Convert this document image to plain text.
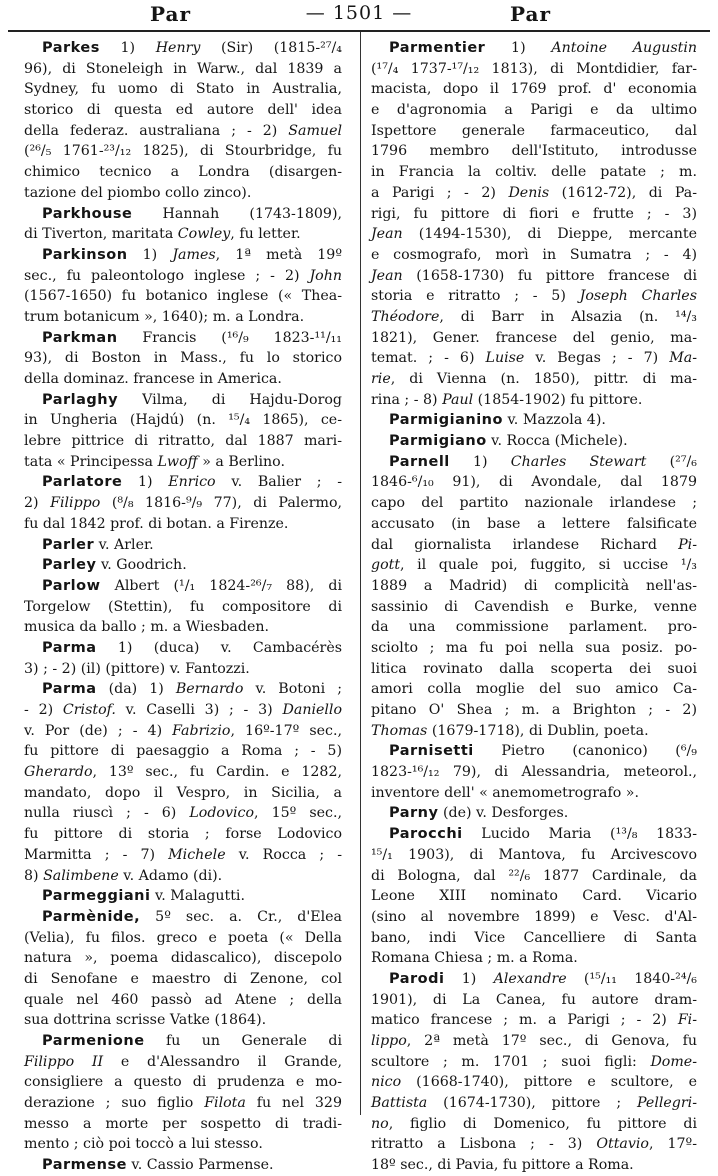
Par	— 1501 —	Par
Parkes 1) Henry (Sir) (1815-²⁷/₄
96), di Stoneleigh in Warw., dal 1839 a
Sydney, fu uomo di Stato in Australia,
storico di questa ed autore dell' idea
della federaz. australiana ; - 2) Samuel
(²⁶/₅ 1761-²³/₁₂ 1825), di Stourbridge, fu
chimico tecnico a Londra (disargen-
tazione del piombo collo zinco).
Parkhouse Hannah (1743-1809),
di Tiverton, maritata Cowley, fu letter.
Parkinson 1) James, 1ª metà 19º
sec., fu paleontologo inglese ; - 2) John
(1567-1650) fu botanico inglese (« Thea-
trum botanicum », 1640); m. a Londra.
Parkman Francis (¹⁶/₉ 1823-¹¹/₁₁
93), di Boston in Mass., fu lo storico
della dominaz. francese in America.
Parlaghy Vilma, di Hajdu-Dorog
in Ungheria (Hajdú) (n. ¹⁵/₄ 1865), ce-
lebre pittrice di ritratto, dal 1887 mari-
tata « Principessa Lwoff » a Berlino.
Parlatore 1) Enrico v. Balier ; -
2) Filippo (⁸/₈ 1816-⁹/₉ 77), di Palermo,
fu dal 1842 prof. di botan. a Firenze.
Parler v. Arler.
Parley v. Goodrich.
Parlow Albert (¹/₁ 1824-²⁶/₇ 88), di
Torgelow (Stettin), fu compositore di
musica da ballo ; m. a Wiesbaden.
Parma 1) (duca) v. Cambacérès
3) ; - 2) (il) (pittore) v. Fantozzi.
Parma (da) 1) Bernardo v. Botoni ;
- 2) Cristof. v. Caselli 3) ; - 3) Daniello
v. Por (de) ; - 4) Fabrizio, 16º-17º sec.,
fu pittore di paesaggio a Roma ; - 5)
Gherardo, 13º sec., fu Cardin. e 1282,
mandato, dopo il Vespro, in Sicilia, a
nulla riuscì ; - 6) Lodovico, 15º sec.,
fu pittore di storia ; forse Lodovico
Marmitta ; - 7) Michele v. Rocca ; -
8) Salimbene v. Adamo (di).
Parmeggiani v. Malagutti.
Parmènide, 5º sec. a. Cr., d'Elea
(Velia), fu filos. greco e poeta (« Della
natura », poema didascalico), discepolo
di Senofane e maestro di Zenone, col
quale nel 460 passò ad Atene ; della
sua dottrina scrisse Vatke (1864).
Parmenione fu un Generale di
Filippo II e d'Alessandro il Grande,
consigliere a questo di prudenza e mo-
derazione ; suo figlio Filota fu nel 329
messo a morte per sospetto di tradi-
mento ; ciò poi toccò a lui stesso.
Parmense v. Cassio Parmense.
Parmentier 1) Antoine Augustin
(¹⁷/₄ 1737-¹⁷/₁₂ 1813), di Montdidier, far-
macista, dopo il 1769 prof. d' economia
e d'agronomia a Parigi e da ultimo
Ispettore generale farmaceutico, dal
1796 membro dell'Istituto, introdusse
in Francia la coltiv. delle patate ; m.
a Parigi ; - 2) Denis (1612-72), di Pa-
rigi, fu pittore di fiori e frutte ; - 3)
Jean (1494-1530), di Dieppe, mercante
e cosmografo, morì in Sumatra ; - 4)
Jean (1658-1730) fu pittore francese di
storia e ritratto ; - 5) Joseph Charles
Théodore, di Barr in Alsazia (n. ¹⁴/₃
1821), Gener. francese del genio, ma-
temat. ; - 6) Luise v. Begas ; - 7) Ma-
rie, di Vienna (n. 1850), pittr. di ma-
rina ; - 8) Paul (1854-1902) fu pittore.
Parmigianino v. Mazzola 4).
Parmigiano v. Rocca (Michele).
Parnell 1) Charles Stewart (²⁷/₆
1846-⁶/₁₀ 91), di Avondale, dal 1879
capo del partito nazionale irlandese ;
accusato (in base a lettere falsificate
dal giornalista irlandese Richard Pi-
gott, il quale poi, fuggito, si uccise ¹/₃
1889 a Madrid) di complicità nell'as-
sassinio di Cavendish e Burke, venne
da una commissione parlament. pro-
sciolto ; ma fu poi nella sua posiz. po-
litica rovinato dalla scoperta dei suoi
amori colla moglie del suo amico Ca-
pitano O' Shea ; m. a Brighton ; - 2)
Thomas (1679-1718), di Dublin, poeta.
Parnisetti Pietro (canonico) (⁶/₉
1823-¹⁶/₁₂ 79), di Alessandria, meteorol.,
inventore dell' « anemometrografo ».
Parny (de) v. Desforges.
Parocchi Lucido Maria (¹³/₈ 1833-
¹⁵/₁ 1903), di Mantova, fu Arcivescovo
di Bologna, dal ²²/₆ 1877 Cardinale, da
Leone XIII nominato Card. Vicario
(sino al novembre 1899) e Vesc. d'Al-
bano, indi Vice Cancelliere di Santa
Romana Chiesa ; m. a Roma.
Parodi 1) Alexandre (¹⁵/₁₁ 1840-²⁴/₆
1901), di La Canea, fu autore dram-
matico francese ; m. a Parigi ; - 2) Fi-
lippo, 2ª metà 17º sec., di Genova, fu
scultore ; m. 1701 ; suoi figli: Dome-
nico (1668-1740), pittore e scultore, e
Battista (1674-1730), pittore ; Pellegri-
no, figlio di Domenico, fu pittore di
ritratto a Lisbona ; - 3) Ottavio, 17º-
18º sec., di Pavia, fu pittore a Roma.
